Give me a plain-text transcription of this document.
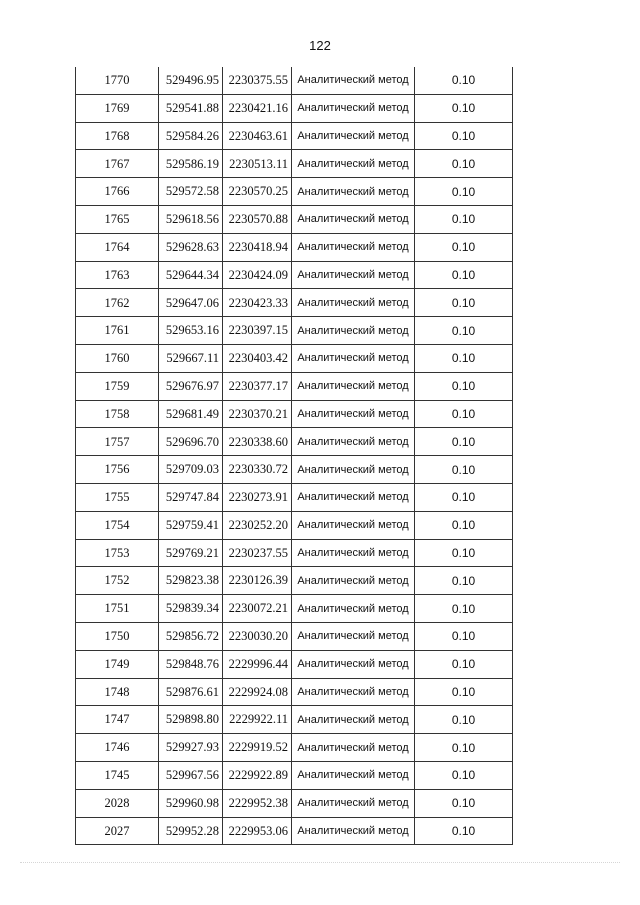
122
1770	529496.95	2230375.55	Аналитический метод	0.10
1769	529541.88	2230421.16	Аналитический метод	0.10
1768	529584.26	2230463.61	Аналитический метод	0.10
1767	529586.19	2230513.11	Аналитический метод	0.10
1766	529572.58	2230570.25	Аналитический метод	0.10
1765	529618.56	2230570.88	Аналитический метод	0.10
1764	529628.63	2230418.94	Аналитический метод	0.10
1763	529644.34	2230424.09	Аналитический метод	0.10
1762	529647.06	2230423.33	Аналитический метод	0.10
1761	529653.16	2230397.15	Аналитический метод	0.10
1760	529667.11	2230403.42	Аналитический метод	0.10
1759	529676.97	2230377.17	Аналитический метод	0.10
1758	529681.49	2230370.21	Аналитический метод	0.10
1757	529696.70	2230338.60	Аналитический метод	0.10
1756	529709.03	2230330.72	Аналитический метод	0.10
1755	529747.84	2230273.91	Аналитический метод	0.10
1754	529759.41	2230252.20	Аналитический метод	0.10
1753	529769.21	2230237.55	Аналитический метод	0.10
1752	529823.38	2230126.39	Аналитический метод	0.10
1751	529839.34	2230072.21	Аналитический метод	0.10
1750	529856.72	2230030.20	Аналитический метод	0.10
1749	529848.76	2229996.44	Аналитический метод	0.10
1748	529876.61	2229924.08	Аналитический метод	0.10
1747	529898.80	2229922.11	Аналитический метод	0.10
1746	529927.93	2229919.52	Аналитический метод	0.10
1745	529967.56	2229922.89	Аналитический метод	0.10
2028	529960.98	2229952.38	Аналитический метод	0.10
2027	529952.28	2229953.06	Аналитический метод	0.10
